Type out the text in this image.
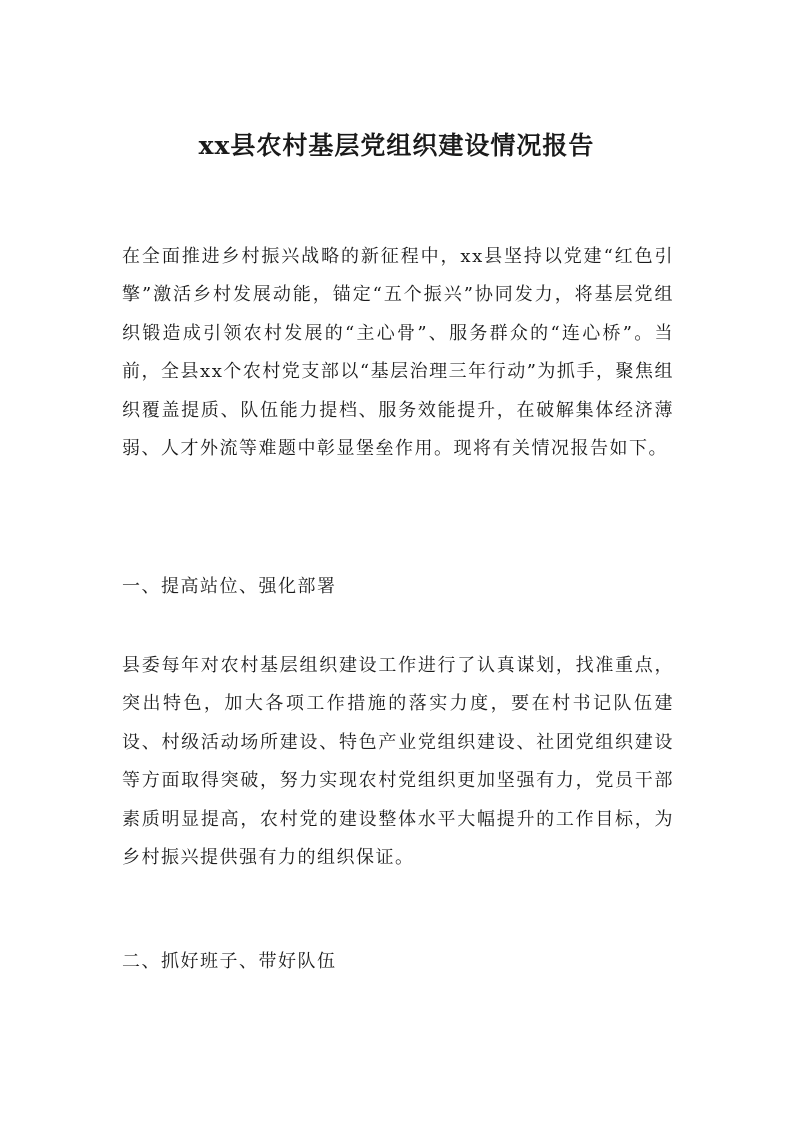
xx县农村基层党组织建设情况报告

在全面推进乡村振兴战略的新征程中，xx县坚持以党建“红色引擎”激活乡村发展动能，锚定“五个振兴”协同发力，将基层党组织锻造成引领农村发展的“主心骨”、服务群众的“连心桥”。当前，全县xx个农村党支部以“基层治理三年行动”为抓手，聚焦组织覆盖提质、队伍能力提档、服务效能提升，在破解集体经济薄弱、人才外流等难题中彰显堡垒作用。现将有关情况报告如下。

一、提高站位、强化部署

县委每年对农村基层组织建设工作进行了认真谋划，找准重点，突出特色，加大各项工作措施的落实力度，要在村书记队伍建设、村级活动场所建设、特色产业党组织建设、社团党组织建设等方面取得突破，努力实现农村党组织更加坚强有力，党员干部素质明显提高，农村党的建设整体水平大幅提升的工作目标，为乡村振兴提供强有力的组织保证。

二、抓好班子、带好队伍
